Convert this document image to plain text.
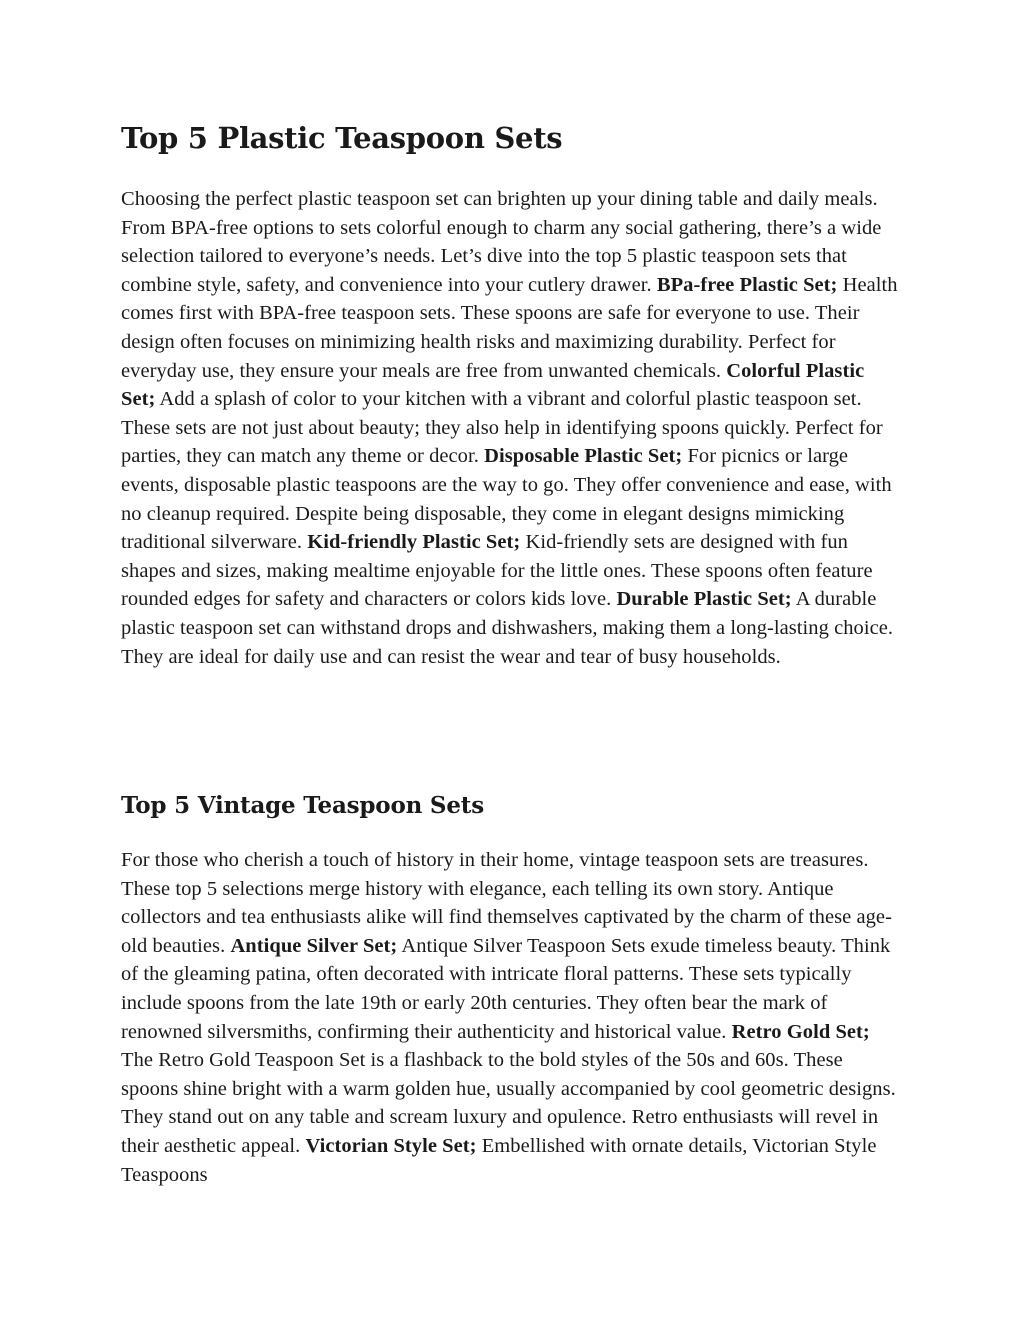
Top 5 Plastic Teaspoon Sets

Choosing the perfect plastic teaspoon set can brighten up your dining table and daily meals. From BPA-free options to sets colorful enough to charm any social gathering, there’s a wide selection tailored to everyone’s needs. Let’s dive into the top 5 plastic teaspoon sets that combine style, safety, and convenience into your cutlery drawer. BPa-free Plastic Set; Health comes first with BPA-free teaspoon sets. These spoons are safe for everyone to use. Their design often focuses on minimizing health risks and maximizing durability. Perfect for everyday use, they ensure your meals are free from unwanted chemicals. Colorful Plastic Set; Add a splash of color to your kitchen with a vibrant and colorful plastic teaspoon set. These sets are not just about beauty; they also help in identifying spoons quickly. Perfect for parties, they can match any theme or decor. Disposable Plastic Set; For picnics or large events, disposable plastic teaspoons are the way to go. They offer convenience and ease, with no cleanup required. Despite being disposable, they come in elegant designs mimicking traditional silverware. Kid-friendly Plastic Set; Kid-friendly sets are designed with fun shapes and sizes, making mealtime enjoyable for the little ones. These spoons often feature rounded edges for safety and characters or colors kids love. Durable Plastic Set; A durable plastic teaspoon set can withstand drops and dishwashers, making them a long-lasting choice. They are ideal for daily use and can resist the wear and tear of busy households.

Top 5 Vintage Teaspoon Sets

For those who cherish a touch of history in their home, vintage teaspoon sets are treasures. These top 5 selections merge history with elegance, each telling its own story. Antique collectors and tea enthusiasts alike will find themselves captivated by the charm of these age-old beauties. Antique Silver Set; Antique Silver Teaspoon Sets exude timeless beauty. Think of the gleaming patina, often decorated with intricate floral patterns. These sets typically include spoons from the late 19th or early 20th centuries. They often bear the mark of renowned silversmiths, confirming their authenticity and historical value. Retro Gold Set; The Retro Gold Teaspoon Set is a flashback to the bold styles of the 50s and 60s. These spoons shine bright with a warm golden hue, usually accompanied by cool geometric designs. They stand out on any table and scream luxury and opulence. Retro enthusiasts will revel in their aesthetic appeal. Victorian Style Set; Embellished with ornate details, Victorian Style Teaspoons
